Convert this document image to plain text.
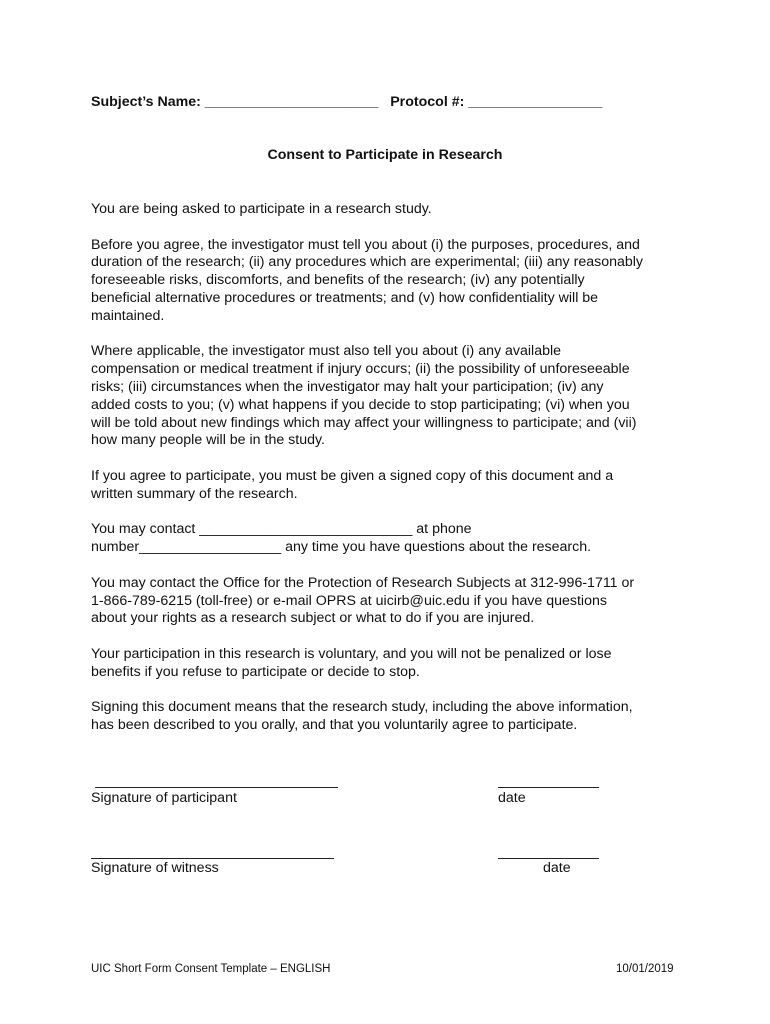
Subject’s Name: ______________________ Protocol #: _________________
Consent to Participate in Research

You are being asked to participate in a research study.

Before you agree, the investigator must tell you about (i) the purposes, procedures, and
duration of the research; (ii) any procedures which are experimental; (iii) any reasonably
foreseeable risks, discomforts, and benefits of the research; (iv) any potentially
beneficial alternative procedures or treatments; and (v) how confidentiality will be
maintained.

Where applicable, the investigator must also tell you about (i) any available
compensation or medical treatment if injury occurs; (ii) the possibility of unforeseeable
risks; (iii) circumstances when the investigator may halt your participation; (iv) any
added costs to you; (v) what happens if you decide to stop participating; (vi) when you
will be told about new findings which may affect your willingness to participate; and (vii)
how many people will be in the study.

If you agree to participate, you must be given a signed copy of this document and a
written summary of the research.

You may contact ___________________________ at phone
number__________________ any time you have questions about the research.

You may contact the Office for the Protection of Research Subjects at 312-996-1711 or
1-866-789-6215 (toll-free) or e-mail OPRS at uicirb@uic.edu if you have questions
about your rights as a research subject or what to do if you are injured.

Your participation in this research is voluntary, and you will not be penalized or lose
benefits if you refuse to participate or decide to stop.

Signing this document means that the research study, including the above information,
has been described to you orally, and that you voluntarily agree to participate.

Signature of participant	date
Signature of witness	date
UIC Short Form Consent Template – ENGLISH	10/01/2019
